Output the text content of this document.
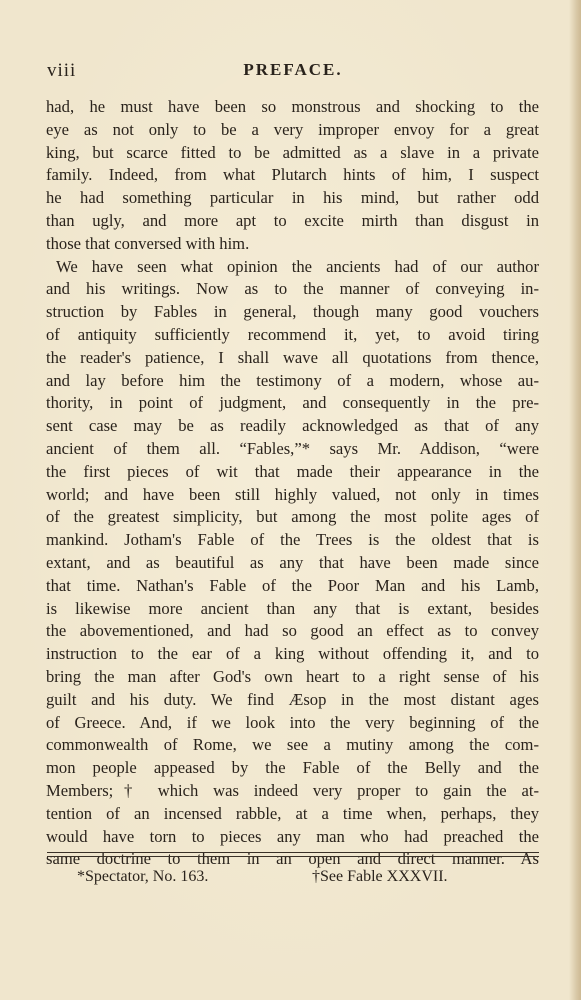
viii	PREFACE.
had, he must have been so monstrous and shocking to the
eye as not only to be a very improper envoy for a great
king, but scarce fitted to be admitted as a slave in a private
family. Indeed, from what Plutarch hints of him, I suspect
he had something particular in his mind, but rather odd
than ugly, and more apt to excite mirth than disgust in
those that conversed with him.
We have seen what opinion the ancients had of our author
and his writings. Now as to the manner of conveying in-
struction by Fables in general, though many good vouchers
of antiquity sufficiently recommend it, yet, to avoid tiring
the reader's patience, I shall wave all quotations from thence,
and lay before him the testimony of a modern, whose au-
thority, in point of judgment, and consequently in the pre-
sent case may be as readily acknowledged as that of any
ancient of them all. “Fables,”* says Mr. Addison, “were
the first pieces of wit that made their appearance in the
world; and have been still highly valued, not only in times
of the greatest simplicity, but among the most polite ages of
mankind. Jotham's Fable of the Trees is the oldest that is
extant, and as beautiful as any that have been made since
that time. Nathan's Fable of the Poor Man and his Lamb,
is likewise more ancient than any that is extant, besides
the abovementioned, and had so good an effect as to convey
instruction to the ear of a king without offending it, and to
bring the man after God's own heart to a right sense of his
guilt and his duty. We find Æsop in the most distant ages
of Greece. And, if we look into the very beginning of the
commonwealth of Rome, we see a mutiny among the com-
mon people appeased by the Fable of the Belly and the
Members;† which was indeed very proper to gain the at-
tention of an incensed rabble, at a time when, perhaps, they
would have torn to pieces any man who had preached the
same doctrine to them in an open and direct manner. As
*Spectator, No. 163.	†See Fable XXXVII.
